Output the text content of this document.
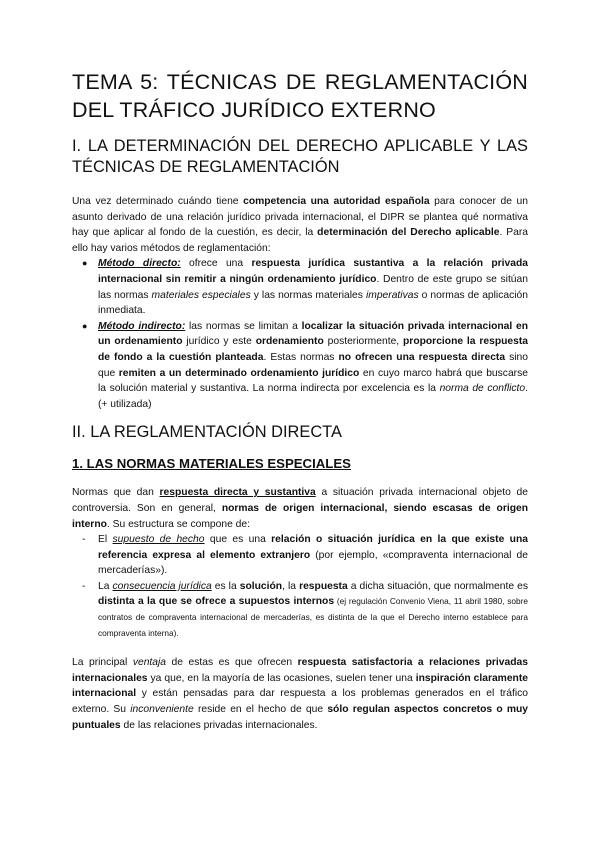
TEMA 5: TÉCNICAS DE REGLAMENTACIÓN
DEL TRÁFICO JURÍDICO EXTERNO
I. LA DETERMINACIÓN DEL DERECHO APLICABLE Y LAS TÉCNICAS DE REGLAMENTACIÓN

Una vez determinado cuándo tiene competencia una autoridad española para conocer de un asunto derivado de una relación jurídico privada internacional, el DIPR se plantea qué normativa hay que aplicar al fondo de la cuestión, es decir, la determinación del Derecho aplicable. Para ello hay varios métodos de reglamentación:

● Método directo: ofrece una respuesta jurídica sustantiva a la relación privada internacional sin remitir a ningún ordenamiento jurídico. Dentro de este grupo se sitúan las normas materiales especiales y las normas materiales imperativas o normas de aplicación inmediata.
● Método indirecto: las normas se limitan a localizar la situación privada internacional en un ordenamiento jurídico y este ordenamiento posteriormente, proporcione la respuesta de fondo a la cuestión planteada. Estas normas no ofrecen una respuesta directa sino que remiten a un determinado ordenamiento jurídico en cuyo marco habrá que buscarse la solución material y sustantiva. La norma indirecta por excelencia es la norma de conflicto. (+ utilizada)
II. LA REGLAMENTACIÓN DIRECTA
1. LAS NORMAS MATERIALES ESPECIALES

Normas que dan respuesta directa y sustantiva a situación privada internacional objeto de controversia. Son en general, normas de origen internacional, siendo escasas de origen interno. Su estructura se compone de:

- El supuesto de hecho que es una relación o situación jurídica en la que existe una referencia expresa al elemento extranjero (por ejemplo, «compraventa internacional de mercaderías»).
- La consecuencia jurídica es la solución, la respuesta a dicha situación, que normalmente es distinta a la que se ofrece a supuestos internos (ej regulación Convenio Viena, 11 abril 1980, sobre contratos de compraventa internacional de mercaderías, es distinta de la que el Derecho interno establece para compraventa interna).

La principal ventaja de estas es que ofrecen respuesta satisfactoria a relaciones privadas internacionales ya que, en la mayoría de las ocasiones, suelen tener una inspiración claramente internacional y están pensadas para dar respuesta a los problemas generados en el tráfico externo. Su inconveniente reside en el hecho de que sólo regulan aspectos concretos o muy puntuales de las relaciones privadas internacionales.
